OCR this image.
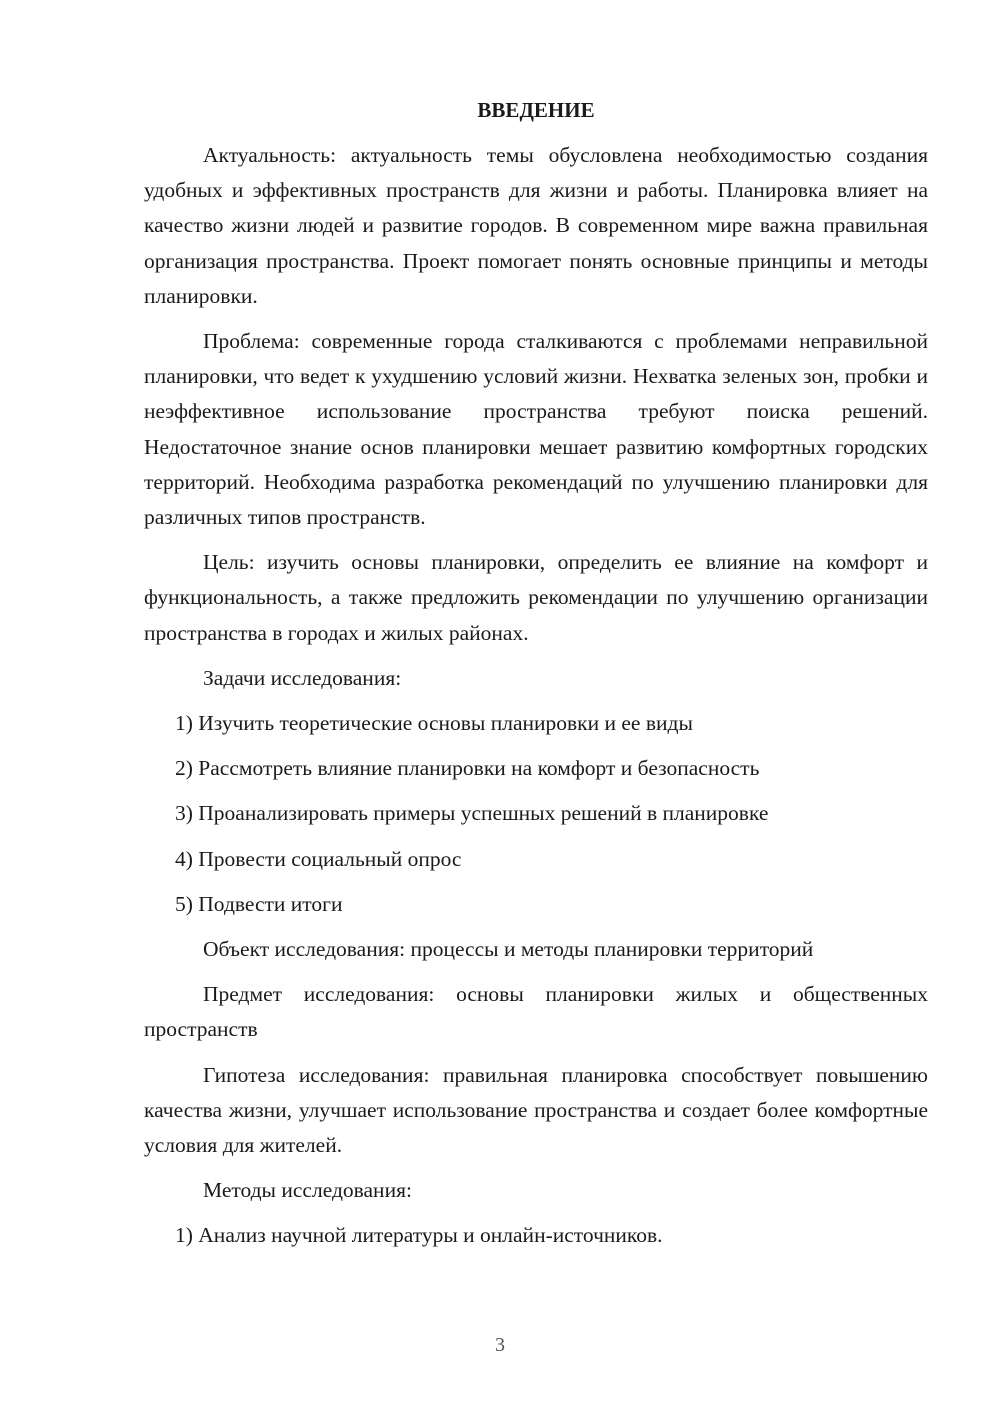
ВВЕДЕНИЕ

Актуальность: актуальность темы обусловлена необходимостью создания удобных и эффективных пространств для жизни и работы. Планировка влияет на качество жизни людей и развитие городов. В современном мире важна правильная организация пространства. Проект помогает понять основные принципы и методы планировки.

Проблема: современные города сталкиваются с проблемами неправильной планировки, что ведет к ухудшению условий жизни. Нехватка зеленых зон, пробки и неэффективное использование пространства требуют поиска решений. Недостаточное знание основ планировки мешает развитию комфортных городских территорий. Необходима разработка рекомендаций по улучшению планировки для различных типов пространств.

Цель: изучить основы планировки, определить ее влияние на комфорт и функциональность, а также предложить рекомендации по улучшению организации пространства в городах и жилых районах.

Задачи исследования:

1) Изучить теоретические основы планировки и ее виды

2) Рассмотреть влияние планировки на комфорт и безопасность

3) Проанализировать примеры успешных решений в планировке

4) Провести социальный опрос

5) Подвести итоги

Объект исследования: процессы и методы планировки территорий

Предмет исследования: основы планировки жилых и общественных пространств

Гипотеза исследования: правильная планировка способствует повышению качества жизни, улучшает использование пространства и создает более комфортные условия для жителей.

Методы исследования:

1) Анализ научной литературы и онлайн-источников.

3
